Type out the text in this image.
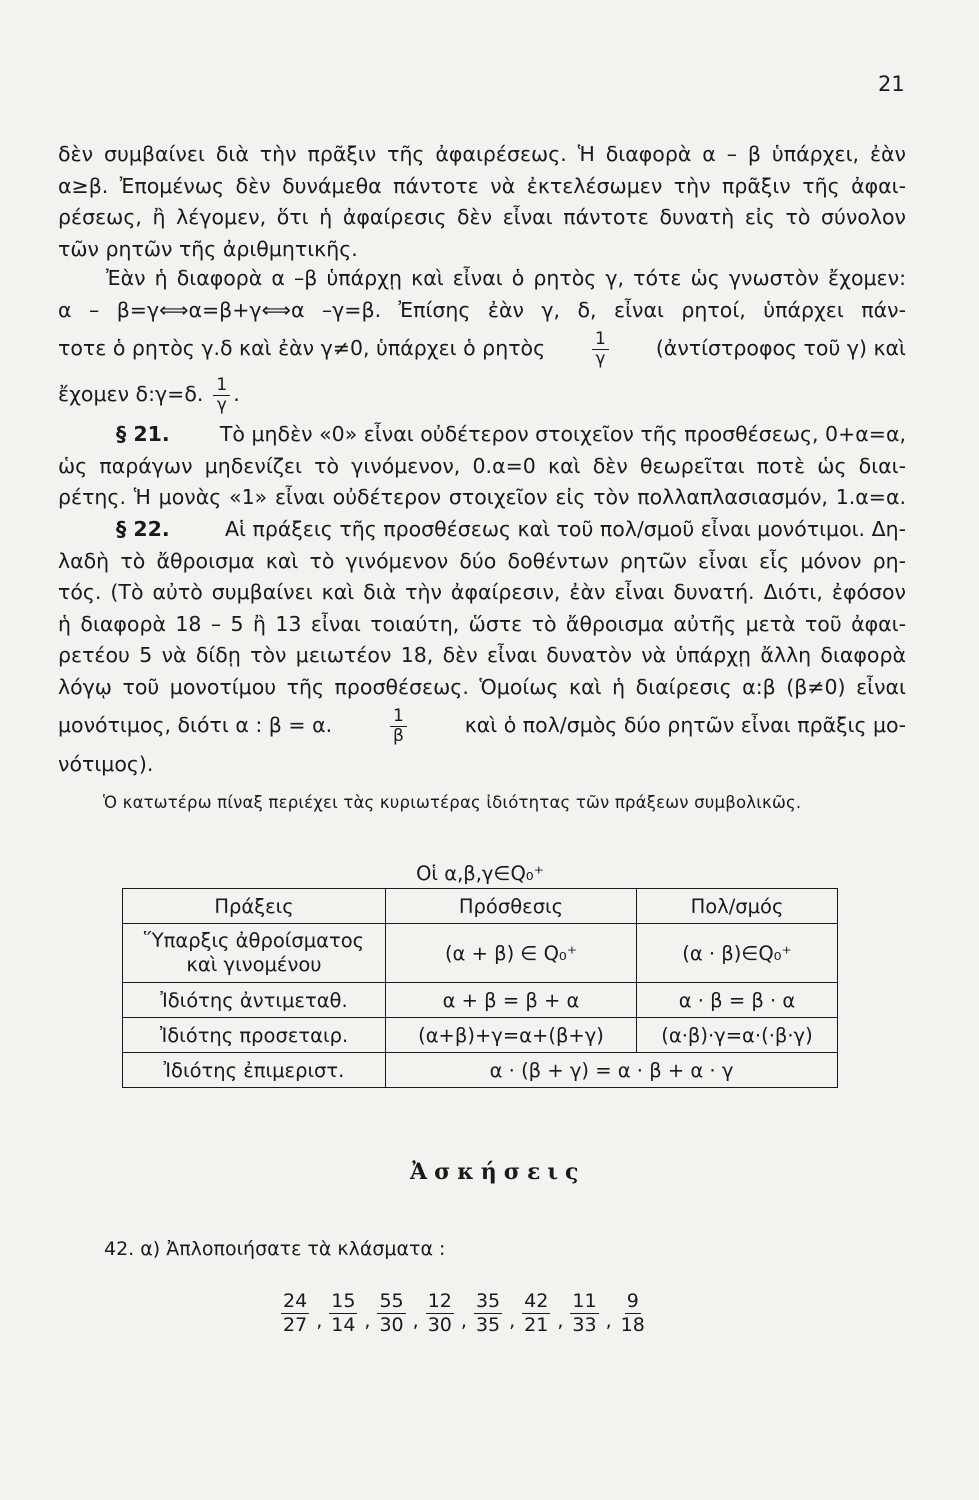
21

δὲν συμβαίνει διὰ τὴν πρᾶξιν τῆς ἀφαιρέσεως. Ἡ διαφορὰ α – β ὑπάρχει, ἐὰν
α≥β. Ἐπομένως δὲν δυνάμεθα πάντοτε νὰ ἐκτελέσωμεν τὴν πρᾶξιν τῆς ἀφαι-
ρέσεως, ἢ λέγομεν, ὅτι ἡ ἀφαίρεσις δὲν εἶναι πάντοτε δυνατὴ εἰς τὸ σύνολον
τῶν ρητῶν τῆς ἀριθμητικῆς.

Ἐὰν ἡ διαφορὰ α –β ὑπάρχῃ καὶ εἶναι ὁ ρητὸς γ, τότε ὡς γνωστὸν ἔχομεν:
α – β=γ⟺α=β+γ⟺α –γ=β. Ἐπίσης ἐὰν γ, δ, εἶναι ρητοί, ὑπάρχει πάν-
τοτε ὁ ρητὸς γ.δ καὶ ἐὰν γ≠0, ὑπάρχει ὁ ρητὸς	$\frac{1}{\gamma}$ (ἀντίστροφος τοῦ γ) καὶ
ἔχομεν δ:γ=δ. $\frac{1}{\gamma}$ .

§ 21. Τὸ μηδὲν «0» εἶναι οὐδέτερον στοιχεῖον τῆς προσθέσεως, 0+α=α,
ὡς παράγων μηδενίζει τὸ γινόμενον, 0.α=0 καὶ δὲν θεωρεῖται ποτὲ ὡς διαι-
ρέτης. Ἡ μονὰς «1» εἶναι οὐδέτερον στοιχεῖον εἰς τὸν πολλαπλασιασμόν, 1.α=α.

§ 22.	Αἱ πράξεις τῆς προσθέσεως καὶ τοῦ πολ/σμοῦ εἶναι μονότιμοι. Δη-
λαδὴ τὸ ἄθροισμα καὶ τὸ γινόμενον δύο δοθέντων ρητῶν εἶναι εἷς μόνον ρη-
τός. (Τὸ αὐτὸ συμβαίνει καὶ διὰ τὴν ἀφαίρεσιν, ἐὰν εἶναι δυνατή. Διότι, ἐφόσον
ἡ διαφορὰ 18 – 5 ἢ 13 εἶναι τοιαύτη, ὥστε τὸ ἄθροισμα αὐτῆς μετὰ τοῦ ἀφαι-
ρετέου 5 νὰ δίδῃ τὸν μειωτέον 18, δὲν εἶναι δυνατὸν νὰ ὑπάρχῃ ἄλλη διαφορὰ
λόγῳ τοῦ μονοτίμου τῆς προσθέσεως. Ὁμοίως καὶ ἡ διαίρεσις α:β (β≠0) εἶναι
μονότιμος, διότι α : β = α.	$\frac{1}{\beta}$	καὶ ὁ πολ/σμὸς δύο ρητῶν εἶναι πρᾶξις μο-
νότιμος).

Ὁ κατωτέρω πίναξ περιέχει τὰς κυριωτέρας ἰδιότητας τῶν πράξεων συμβολικῶς.

Οἱ α,β,γ∈Q₀⁺		
Πράξεις	Πρόσθεσις	Πολ/σμός
Ὕπαρξις ἀθροίσματος καὶ γινομένου	(α + β) ∈ Q₀⁺	(α · β)∈Q₀⁺
Ἰδιότης ἀντιμεταθ.	α + β = β + α	α · β = β · α
Ἰδιότης προσεταιρ.	(α+β)+γ=α+(β+γ)	(α·β)·γ=α·(·β·γ)
Ἰδιότης ἐπιμεριστ.	α · (β + γ) = α · β + α · γ	
Ἀσκήσεις

42. α) Ἀπλοποιήσατε τὰ κλάσματα :

$\frac{24}{27}$ , $\frac{15}{14}$ , $\frac{55}{30}$ , $\frac{12}{30}$ , $\frac{35}{35}$ , $\frac{42}{21}$ , $\frac{11}{33}$ , $\frac{9}{18}$
